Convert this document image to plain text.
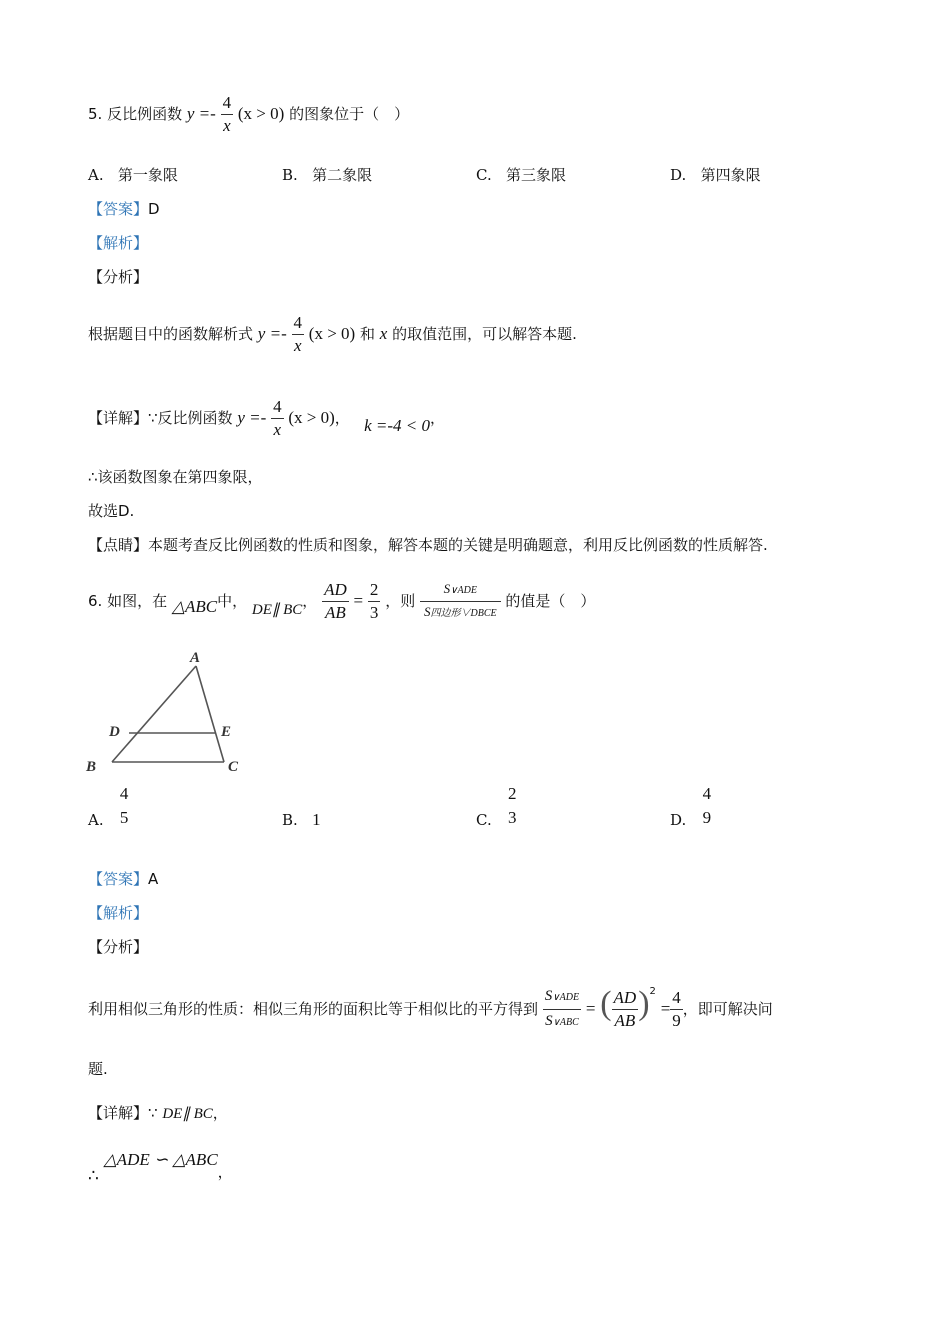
5. 反比例函数 $y =- \frac{4}{x} (x > 0)$ 的图象位于（　）
A. 第一象限	B. 第二象限	C. 第三象限	D. 第四象限
【答案】D
【解析】
【分析】
根据题目中的函数解析式 $y =- \frac{4}{x} (x > 0)$ 和 x 的取值范围，可以解答本题.
【详解】∵反比例函数 $y =- \frac{4}{x} (x > 0)$， k =-4 < 0，
∴该函数图象在第四象限，
故选D.
【点睛】本题考查反比例函数的性质和图象，解答本题的关键是明确题意，利用反比例函数的性质解答.
6. 如图，在 △ABC中， DE∥ BC， $\frac{AD}{AB} = \frac{2}{3}$ ，则 $\frac{\text{S∨ADE}}{\text{S四边形∨DBCE}}$ 的值是（　）
A
B	C
D	E
A.
4
5	B. 1	C.
2
3	D.
4
9
【答案】A
【解析】
【分析】
利用相似三角形的性质：相似三角形的面积比等于相似比的平方得到 $\frac{\text{S∨ADE}}{\text{S∨ABC}}$ = ( $\frac{AD}{AB} )^2 = \frac{4}{9}$ ，即可解决问
题.
【详解】∵ DE∥ BC，
∴ △ADE ∽ △ABC，
